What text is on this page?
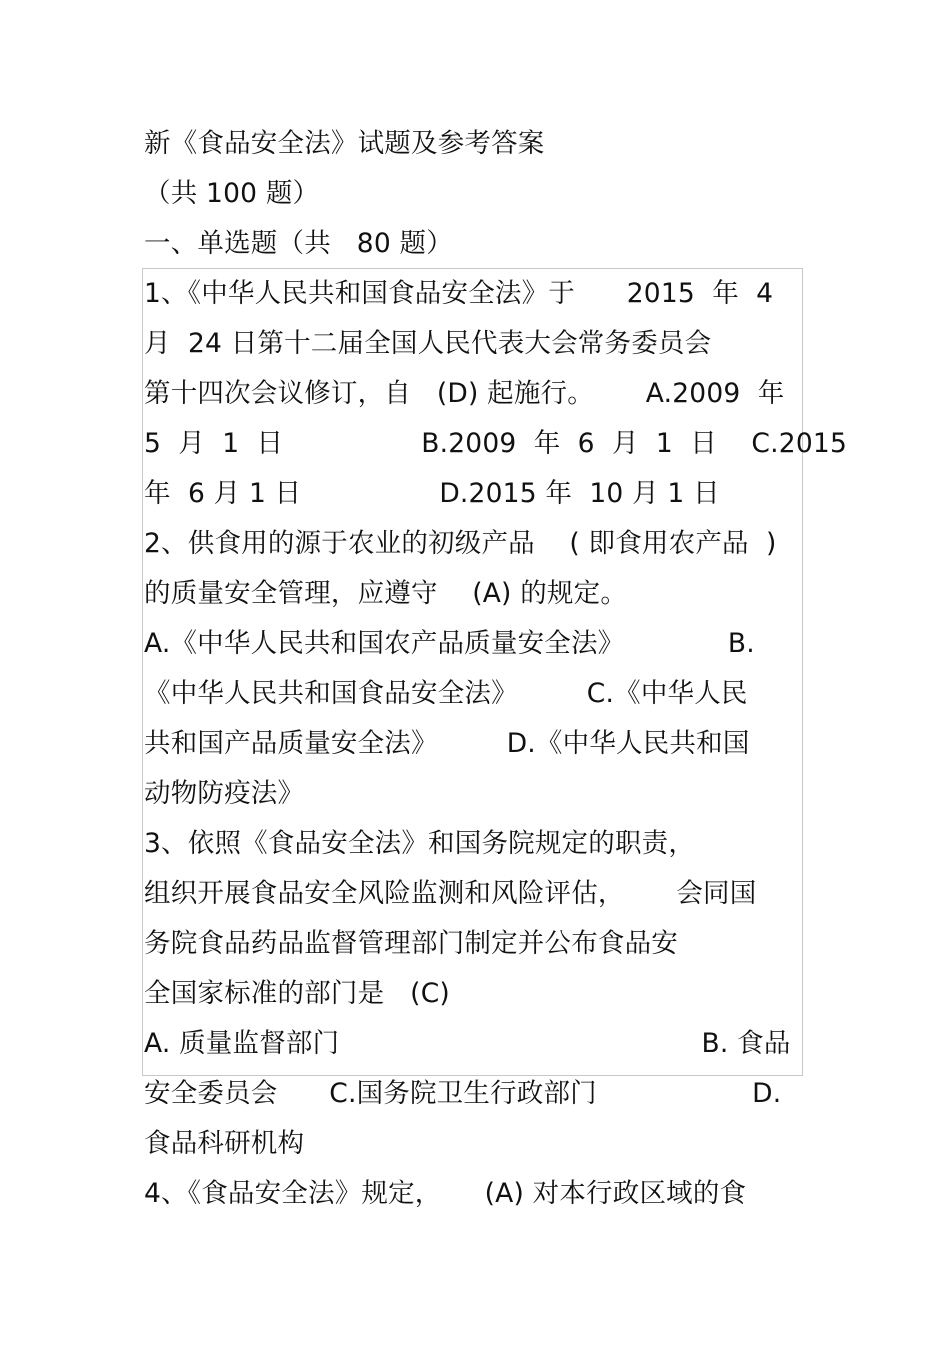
新《食品安全法》试题及参考答案
（共 100 题）
一、单选题（共   80 题）
1、《中华人民共和国食品安全法》于      2015  年  4
月  24 日第十二届全国人民代表大会常务委员会
第十四次会议修订，自   (D) 起施行。      A.2009  年
5  月  1  日                B.2009  年  6  月  1  日    C.2015
年  6 月 1 日                D.2015 年  10 月 1 日
2、供食用的源于农业的初级产品    ( 即食用农产品  )
的质量安全管理，应遵守    (A) 的规定。
A.《中华人民共和国农产品质量安全法》            B.
《中华人民共和国食品安全法》        C.《中华人民
共和国产品质量安全法》        D.《中华人民共和国
动物防疫法》
3、依照《食品安全法》和国务院规定的职责，
组织开展食品安全风险监测和风险评估，      会同国
务院食品药品监督管理部门制定并公布食品安
全国家标准的部门是   (C)
A. 质量监督部门                                          B. 食品
安全委员会      C.国务院卫生行政部门                  D.
食品科研机构
4、《食品安全法》规定，     (A) 对本行政区域的食
